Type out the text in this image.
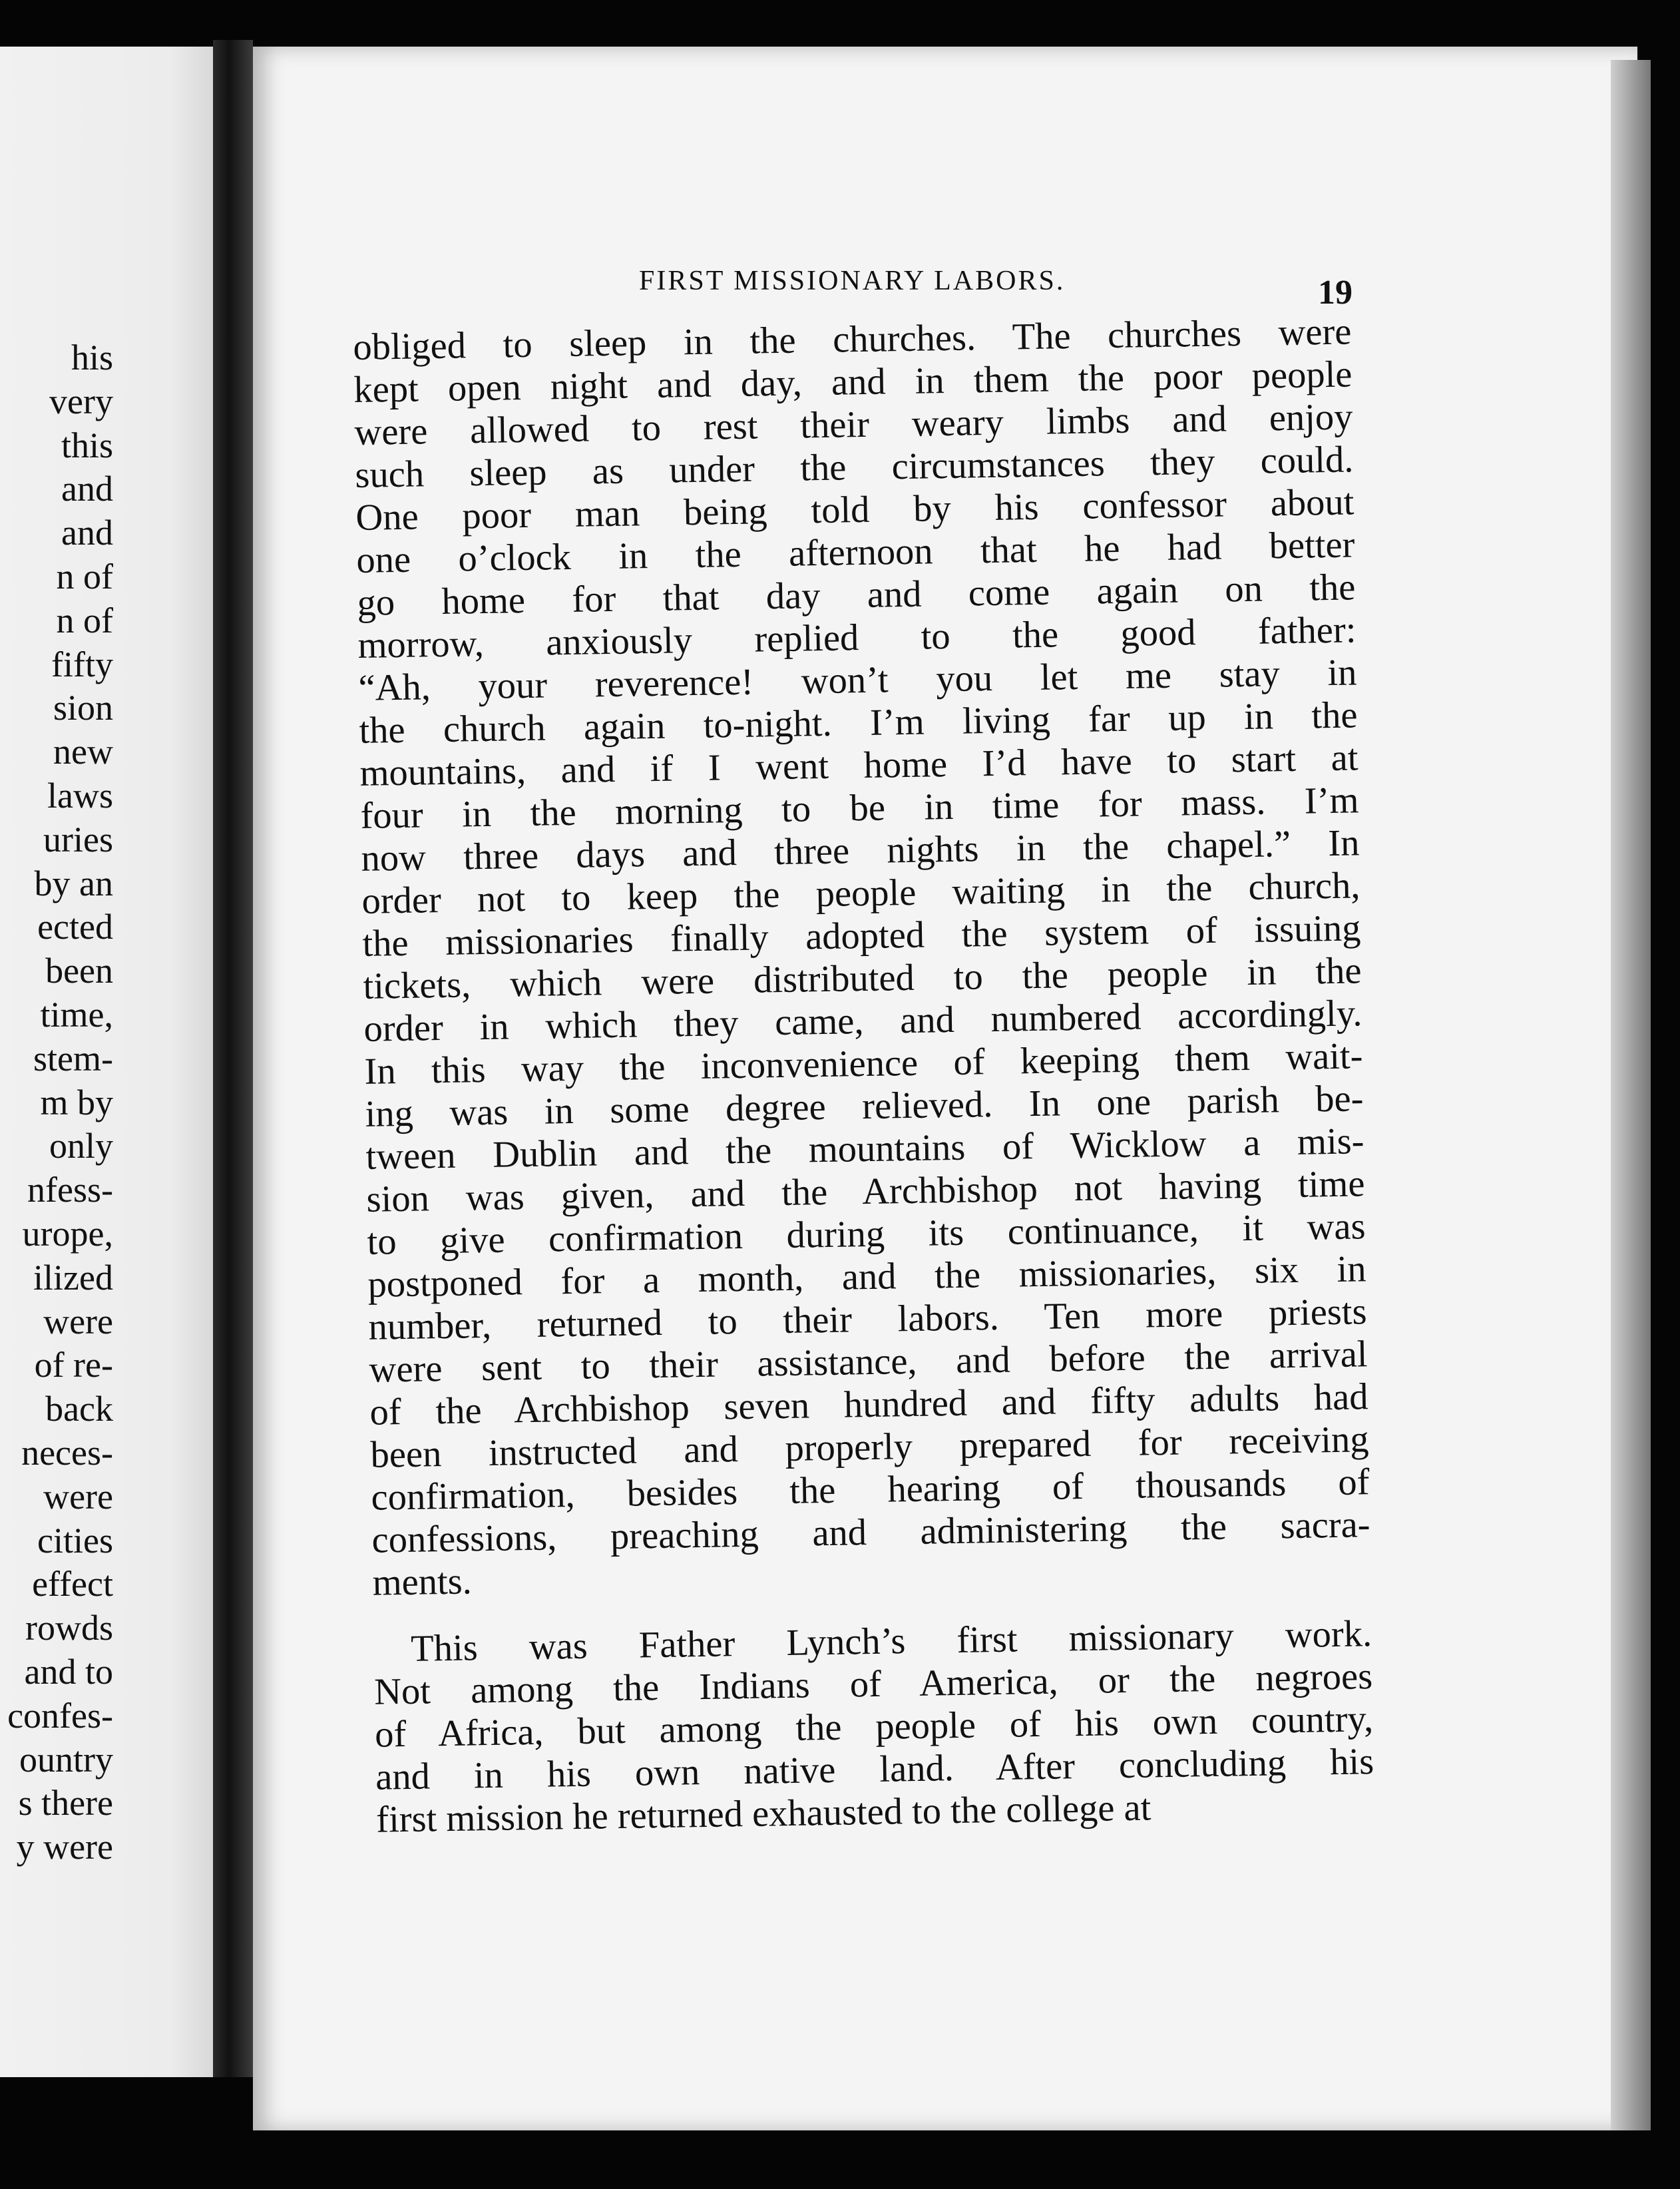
his
very
this
and
and
n of
n of
fifty
sion
new
laws
uries
by an
ected
been
time,
stem-
m by
only
nfess-
urope,
ilized
were
of re-
back
neces-
were
cities
effect
rowds
and to
confes-
ountry
s there
y were
FIRST MISSIONARY LABORS.	19
obliged to sleep in the churches. The churches were
kept open night and day, and in them the poor people
were allowed to rest their weary limbs and enjoy
such sleep as under the circumstances they could.
One poor man being told by his confessor about
one o’clock in the afternoon that he had better
go home for that day and come again on the
morrow, anxiously replied to the good father:
“Ah, your reverence! won’t you let me stay in
the church again to-night. I’m living far up in the
mountains, and if I went home I’d have to start at
four in the morning to be in time for mass. I’m
now three days and three nights in the chapel.” In
order not to keep the people waiting in the church,
the missionaries finally adopted the system of issuing
tickets, which were distributed to the people in the
order in which they came, and numbered accordingly.
In this way the inconvenience of keeping them wait-
ing was in some degree relieved. In one parish be-
tween Dublin and the mountains of Wicklow a mis-
sion was given, and the Archbishop not having time
to give confirmation during its continuance, it was
postponed for a month, and the missionaries, six in
number, returned to their labors. Ten more priests
were sent to their assistance, and before the arrival
of the Archbishop seven hundred and fifty adults had
been instructed and properly prepared for receiving
confirmation, besides the hearing of thousands of
confessions, preaching and administering the sacra-
ments.
This was Father Lynch’s first missionary work.
Not among the Indians of America, or the negroes
of Africa, but among the people of his own country,
and in his own native land. After concluding his
first mission he returned exhausted to the college at
